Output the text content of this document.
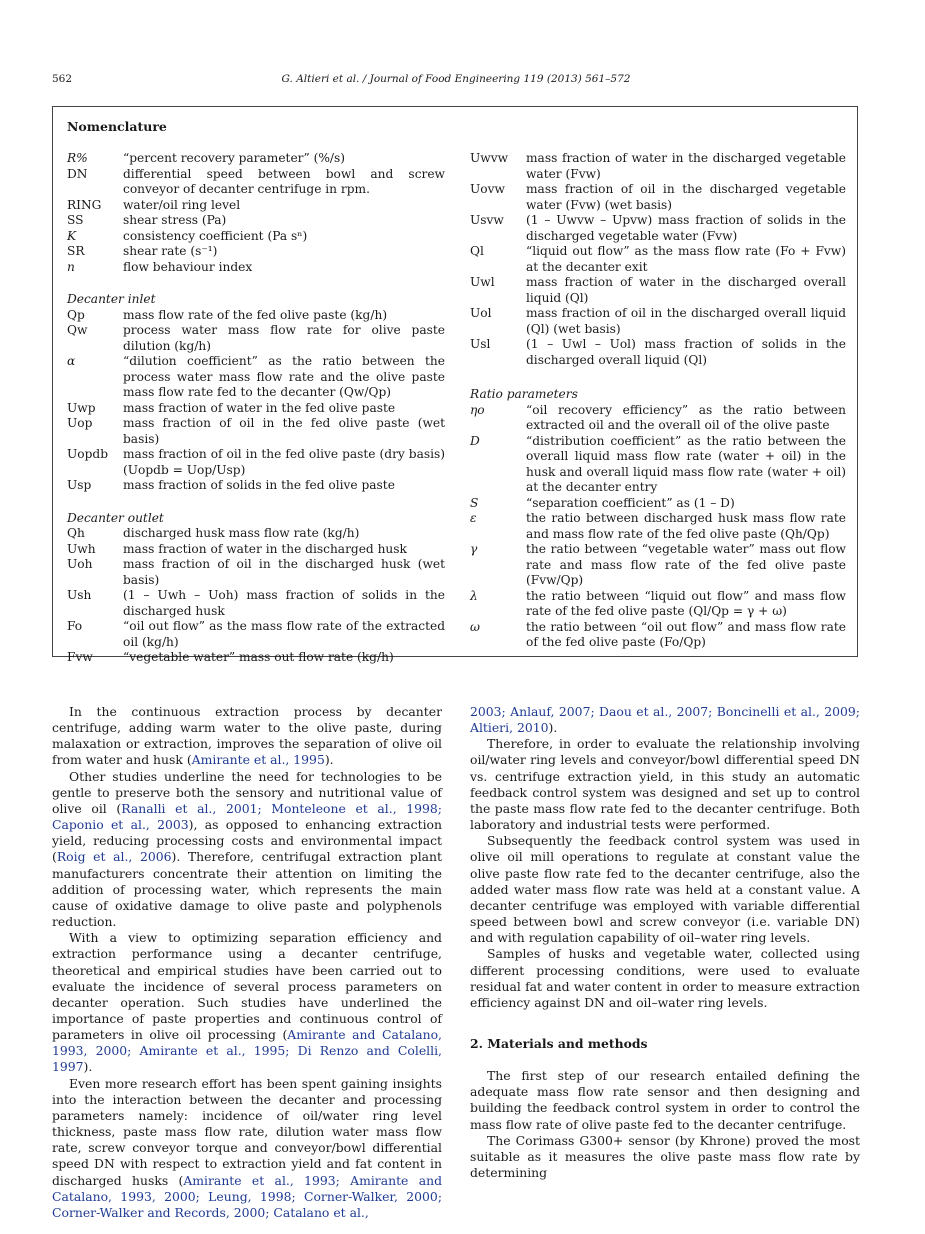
562	G. Altieri et al. / Journal of Food Engineering 119 (2013) 561–572
Nomenclature
R%	“percent recovery parameter” (%/s)
DN	differential speed between bowl and screw conveyor of decanter centrifuge in rpm.
RING	water/oil ring level
SS	shear stress (Pa)
K	consistency coefficient (Pa sⁿ)
SR	shear rate (s⁻¹)
n	flow behaviour index
Decanter inlet
Qp	mass flow rate of the fed olive paste (kg/h)
Qw	process water mass flow rate for olive paste dilution (kg/h)
α	“dilution coefficient” as the ratio between the process water mass flow rate and the olive paste mass flow rate fed to the decanter (Qw/Qp)
Uwp	mass fraction of water in the fed olive paste
Uop	mass fraction of oil in the fed olive paste (wet basis)
Uopdb	mass fraction of oil in the fed olive paste (dry basis) (Uopdb = Uop/Usp)
Usp	mass fraction of solids in the fed olive paste
Decanter outlet
Qh	discharged husk mass flow rate (kg/h)
Uwh	mass fraction of water in the discharged husk
Uoh	mass fraction of oil in the discharged husk (wet basis)
Ush	(1 – Uwh – Uoh) mass fraction of solids in the discharged husk
Fo	“oil out flow” as the mass flow rate of the extracted oil (kg/h)
Fvw	“vegetable water” mass out flow rate (kg/h)
Uwvw	mass fraction of water in the discharged vegetable water (Fvw)
Uovw	mass fraction of oil in the discharged vegetable water (Fvw) (wet basis)
Usvw	(1 – Uwvw – Upvw) mass fraction of solids in the discharged vegetable water (Fvw)
Ql	“liquid out flow” as the mass flow rate (Fo + Fvw) at the decanter exit
Uwl	mass fraction of water in the discharged overall liquid (Ql)
Uol	mass fraction of oil in the discharged overall liquid (Ql) (wet basis)
Usl	(1 – Uwl – Uol) mass fraction of solids in the discharged overall liquid (Ql)
Ratio parameters
ηo	“oil recovery efficiency” as the ratio between extracted oil and the overall oil of the olive paste
D	“distribution coefficient” as the ratio between the overall liquid mass flow rate (water + oil) in the husk and overall liquid mass flow rate (water + oil) at the decanter entry
S	“separation coefficient” as (1 – D)
ε	the ratio between discharged husk mass flow rate and mass flow rate of the fed olive paste (Qh/Qp)
γ	the ratio between “vegetable water” mass out flow rate and mass flow rate of the fed olive paste (Fvw/Qp)
λ	the ratio between “liquid out flow” and mass flow rate of the fed olive paste (Ql/Qp = γ + ω)
ω	the ratio between “oil out flow” and mass flow rate of the fed olive paste (Fo/Qp)

In the continuous extraction process by decanter centrifuge, adding warm water to the olive paste, during malaxation or extraction, improves the separation of olive oil from water and husk (Amirante et al., 1995).

Other studies underline the need for technologies to be gentle to preserve both the sensory and nutritional value of olive oil (Ranalli et al., 2001; Monteleone et al., 1998; Caponio et al., 2003), as opposed to enhancing extraction yield, reducing processing costs and environmental impact (Roig et al., 2006). Therefore, centrifugal extraction plant manufacturers concentrate their attention on limiting the addition of processing water, which represents the main cause of oxidative damage to olive paste and polyphenols reduction.

With a view to optimizing separation efficiency and extraction performance using a decanter centrifuge, theoretical and empirical studies have been carried out to evaluate the incidence of several process parameters on decanter operation. Such studies have underlined the importance of paste properties and continuous control of parameters in olive oil processing (Amirante and Catalano, 1993, 2000; Amirante et al., 1995; Di Renzo and Colelli, 1997).

Even more research effort has been spent gaining insights into the interaction between the decanter and processing parameters namely: incidence of oil/water ring level thickness, paste mass flow rate, dilution water mass flow rate, screw conveyor torque and conveyor/bowl differential speed DN with respect to extraction yield and fat content in discharged husks (Amirante et al., 1993; Amirante and Catalano, 1993, 2000; Leung, 1998; Corner-Walker, 2000; Corner-Walker and Records, 2000; Catalano et al.,

2003; Anlauf, 2007; Daou et al., 2007; Boncinelli et al., 2009; Altieri, 2010).

Therefore, in order to evaluate the relationship involving oil/water ring levels and conveyor/bowl differential speed DN vs. centrifuge extraction yield, in this study an automatic feedback control system was designed and set up to control the paste mass flow rate fed to the decanter centrifuge. Both laboratory and industrial tests were performed.

Subsequently the feedback control system was used in olive oil mill operations to regulate at constant value the olive paste flow rate fed to the decanter centrifuge, also the added water mass flow rate was held at a constant value. A decanter centrifuge was employed with variable differential speed between bowl and screw conveyor (i.e. variable DN) and with regulation capability of oil–water ring levels.

Samples of husks and vegetable water, collected using different processing conditions, were used to evaluate residual fat and water content in order to measure extraction efficiency against DN and oil–water ring levels.

2. Materials and methods

The first step of our research entailed defining the adequate mass flow rate sensor and then designing and building the feedback control system in order to control the mass flow rate of olive paste fed to the decanter centrifuge.

The Corimass G300+ sensor (by Khrone) proved the most suitable as it measures the olive paste mass flow rate by determining
